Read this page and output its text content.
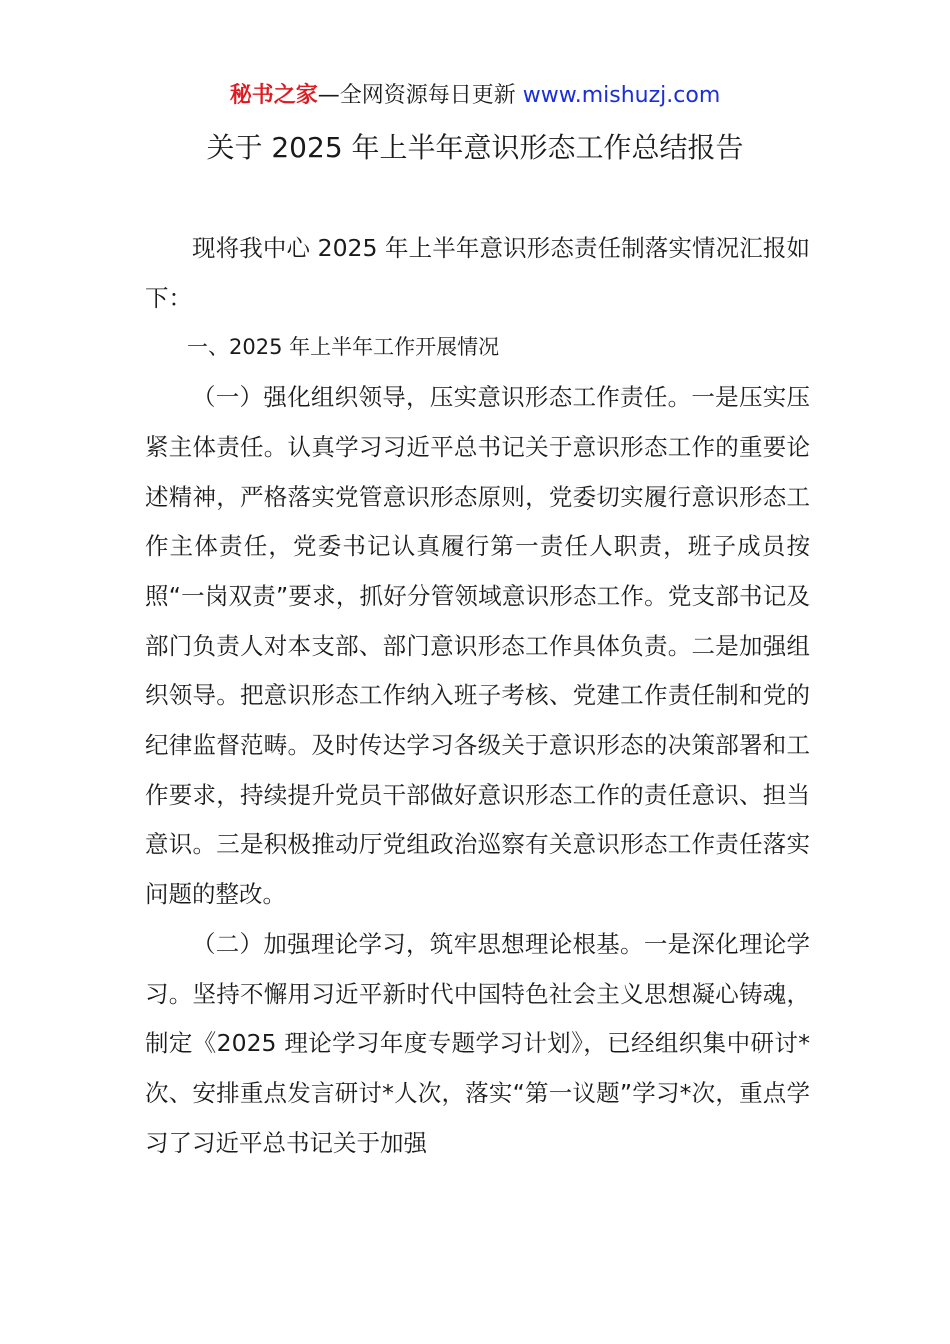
秘书之家—全网资源每日更新 www.mishuzj.com
关于 2025 年上半年意识形态工作总结报告

现将我中心 2025 年上半年意识形态责任制落实情况汇报如下：

一、2025 年上半年工作开展情况

（一）强化组织领导，压实意识形态工作责任。一是压实压紧主体责任。认真学习习近平总书记关于意识形态工作的重要论述精神，严格落实党管意识形态原则，党委切实履行意识形态工作主体责任，党委书记认真履行第一责任人职责，班子成员按照“一岗双责”要求，抓好分管领域意识形态工作。党支部书记及部门负责人对本支部、部门意识形态工作具体负责。二是加强组织领导。把意识形态工作纳入班子考核、党建工作责任制和党的纪律监督范畴。及时传达学习各级关于意识形态的决策部署和工作要求，持续提升党员干部做好意识形态工作的责任意识、担当意识。三是积极推动厅党组政治巡察有关意识形态工作责任落实问题的整改。

（二）加强理论学习，筑牢思想理论根基。一是深化理论学习。坚持不懈用习近平新时代中国特色社会主义思想凝心铸魂，制定《2025 理论学习年度专题学习计划》，已经组织集中研讨*次、安排重点发言研讨*人次，落实“第一议题”学习*次，重点学习了习近平总书记关于加强
